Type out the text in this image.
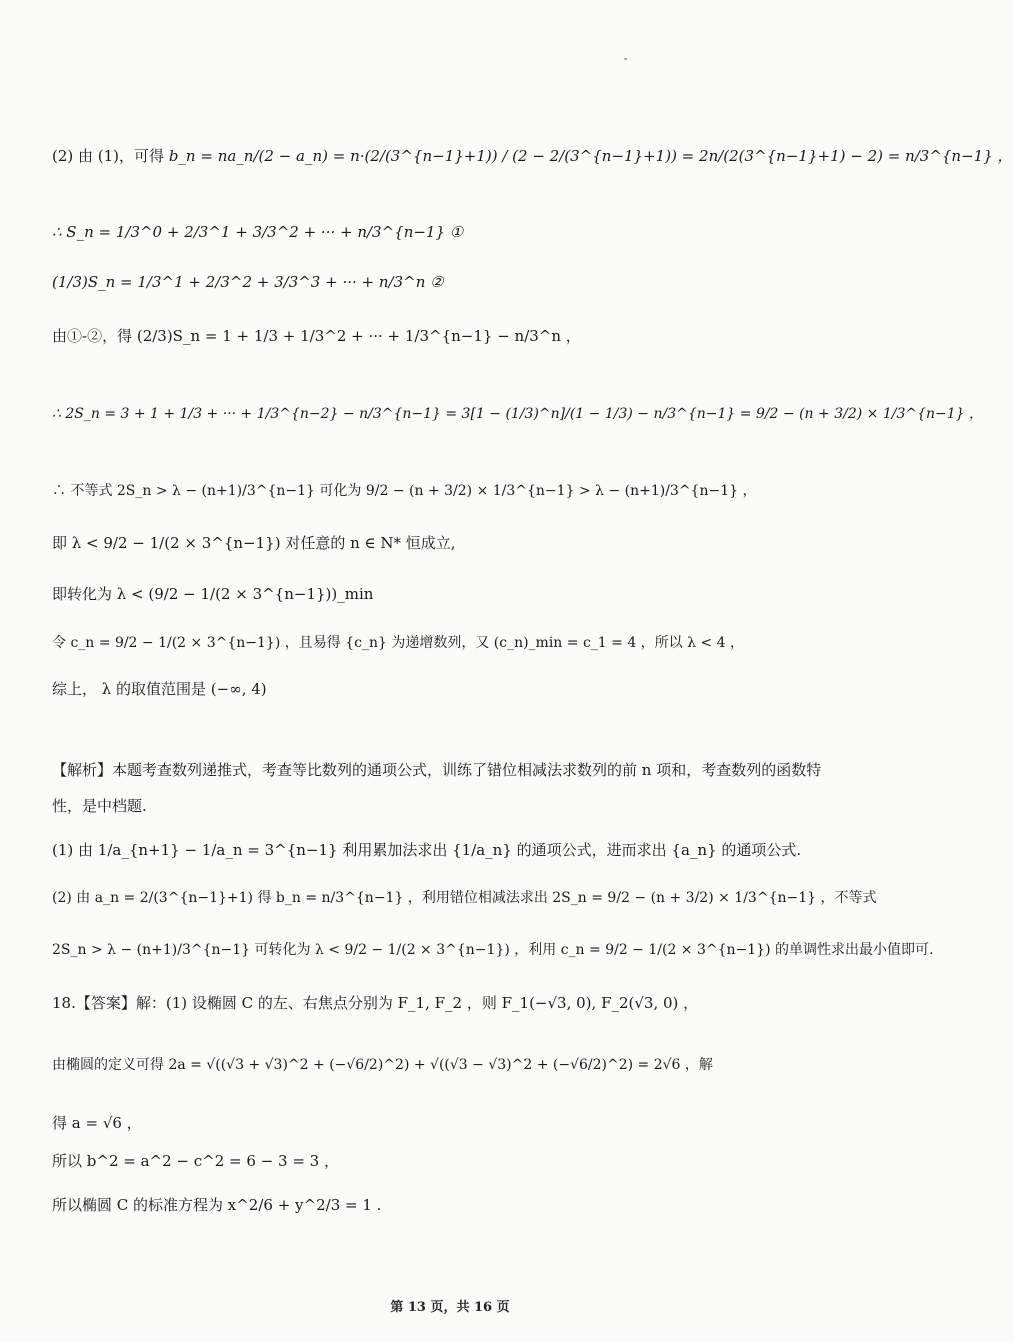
(2) 由 (1)，可得 b_n = na_n/(2 − a_n) = n·(2/(3^{n−1}+1)) / (2 − 2/(3^{n−1}+1)) = 2n/(2(3^{n−1}+1) − 2) = n/3^{n−1} ，
∴ S_n = 1/3^0 + 2/3^1 + 3/3^2 + ··· + n/3^{n−1} ①
(1/3)S_n = 1/3^1 + 2/3^2 + 3/3^3 + ··· + n/3^n ②
由①-②，得 (2/3)S_n = 1 + 1/3 + 1/3^2 + ··· + 1/3^{n−1} − n/3^n ，
∴ 2S_n = 3 + 1 + 1/3 + ··· + 1/3^{n−2} − n/3^{n−1} = 3[1 − (1/3)^n]/(1 − 1/3) − n/3^{n−1} = 9/2 − (n + 3/2) × 1/3^{n−1} ，
∴ 不等式 2S_n > λ − (n+1)/3^{n−1} 可化为 9/2 − (n + 3/2) × 1/3^{n−1} > λ − (n+1)/3^{n−1} ，
即 λ < 9/2 − 1/(2 × 3^{n−1}) 对任意的 n ∈ N* 恒成立,
即转化为 λ < (9/2 − 1/(2 × 3^{n−1}))_min
令 c_n = 9/2 − 1/(2 × 3^{n−1}) ，且易得 {c_n} 为递增数列，又 (c_n)_min = c_1 = 4 ，所以 λ < 4 ，
综上， λ 的取值范围是 (−∞, 4)
【解析】本题考查数列递推式，考查等比数列的通项公式，训练了错位相减法求数列的前 n 项和，考查数列的函数特性，是中档题.
(1) 由 1/a_{n+1} − 1/a_n = 3^{n−1} 利用累加法求出 {1/a_n} 的通项公式，进而求出 {a_n} 的通项公式.
(2) 由 a_n = 2/(3^{n−1}+1) 得 b_n = n/3^{n−1} ，利用错位相减法求出 2S_n = 9/2 − (n + 3/2) × 1/3^{n−1} ，不等式
2S_n > λ − (n+1)/3^{n−1} 可转化为 λ < 9/2 − 1/(2 × 3^{n−1}) ，利用 c_n = 9/2 − 1/(2 × 3^{n−1}) 的单调性求出最小值即可.
18.【答案】解：(1) 设椭圆 C 的左、右焦点分别为 F_1, F_2 ，则 F_1(−√3, 0), F_2(√3, 0) ，
由椭圆的定义可得 2a = √((√3 + √3)^2 + (−√6/2)^2) + √((√3 − √3)^2 + (−√6/2)^2) = 2√6 ，解
得 a = √6 ，
所以 b^2 = a^2 − c^2 = 6 − 3 = 3 ，
所以椭圆 C 的标准方程为 x^2/6 + y^2/3 = 1 .
第 13 页，共 16 页
